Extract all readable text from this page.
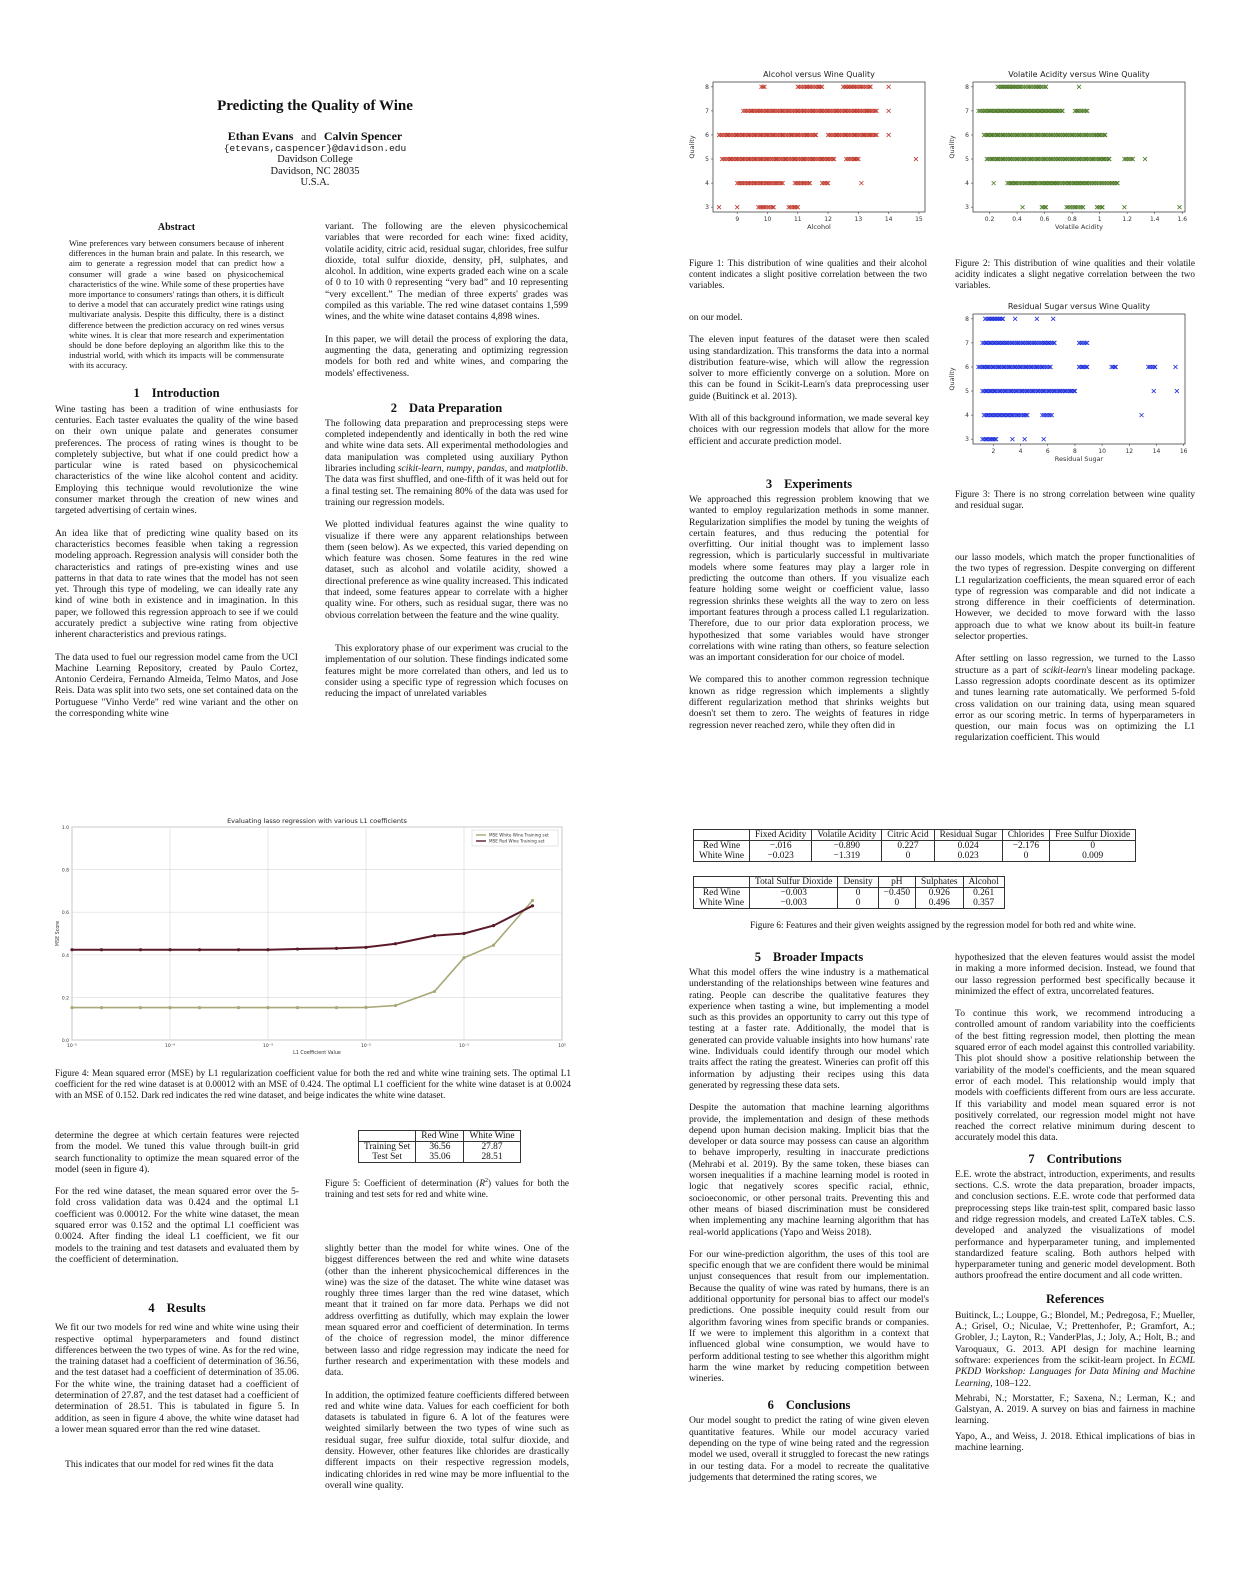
Predicting the Quality of Wine
Ethan Evans and Calvin Spencer
{etevans,caspencer}@davidson.edu
Davidson College
Davidson, NC 28035
U.S.A.
Abstract

Wine preferences vary between consumers because of inherent differences in the human brain and palate. In this research, we aim to generate a regression model that can predict how a consumer will grade a wine based on physicochemical characteristics of the wine. While some of these properties have more importance to consumers' ratings than others, it is difficult to derive a model that can accurately predict wine ratings using multivariate analysis. Despite this difficulty, there is a distinct difference between the prediction accuracy on red wines versus white wines. It is clear that more research and experimentation should be done before deploying an algorithm like this to the industrial world, with which its impacts will be commensurate with its accuracy.

1 Introduction

Wine tasting has been a tradition of wine enthusiasts for centuries. Each taster evaluates the quality of the wine based on their own unique palate and generates consumer preferences. The process of rating wines is thought to be completely subjective, but what if one could predict how a particular wine is rated based on physicochemical characteristics of the wine like alcohol content and acidity. Employing this technique would revolutionize the wine consumer market through the creation of new wines and targeted advertising of certain wines.

An idea like that of predicting wine quality based on its characteristics becomes feasible when taking a regression modeling approach. Regression analysis will consider both the characteristics and ratings of pre-existing wines and use patterns in that data to rate wines that the model has not seen yet. Through this type of modeling, we can ideally rate any kind of wine both in existence and in imagination. In this paper, we followed this regression approach to see if we could accurately predict a subjective wine rating from objective inherent characteristics and previous ratings.

The data used to fuel our regression model came from the UCI Machine Learning Repository, created by Paulo Cortez, Antonio Cerdeira, Fernando Almeida, Telmo Matos, and Jose Reis. Data was split into two sets, one set contained data on the Portuguese "Vinho Verde" red wine variant and the other on the corresponding white wine

variant. The following are the eleven physicochemical variables that were recorded for each wine: fixed acidity, volatile acidity, citric acid, residual sugar, chlorides, free sulfur dioxide, total sulfur dioxide, density, pH, sulphates, and alcohol. In addition, wine experts graded each wine on a scale of 0 to 10 with 0 representing “very bad” and 10 representing “very excellent.” The median of three experts' grades was compiled as this variable. The red wine dataset contains 1,599 wines, and the white wine dataset contains 4,898 wines.

In this paper, we will detail the process of exploring the data, augmenting the data, generating and optimizing regression models for both red and white wines, and comparing the models' effectiveness.

2 Data Preparation

The following data preparation and preprocessing steps were completed independently and identically in both the red wine and white wine data sets. All experimental methodologies and data manipulation was completed using auxiliary Python libraries including scikit-learn, numpy, pandas, and matplotlib. The data was first shuffled, and one-fifth of it was held out for a final testing set. The remaining 80% of the data was used for training our regression models.

We plotted individual features against the wine quality to visualize if there were any apparent relationships between them (seen below). As we expected, this varied depending on which feature was chosen. Some features in the red wine dataset, such as alcohol and volatile acidity, showed a directional preference as wine quality increased. This indicated that indeed, some features appear to correlate with a higher quality wine. For others, such as residual sugar, there was no obvious correlation between the feature and the wine quality.

This exploratory phase of our experiment was crucial to the implementation of our solution. These findings indicated some features might be more correlated than others, and led us to consider using a specific type of regression which focuses on reducing the impact of unrelated variables

Alcohol versus Wine Quality
9	10	11	12	13	14	15
3
4
5
6
7
8
Alcohol
Quality

Figure 1: This distribution of wine qualities and their alcohol content indicates a slight positive correlation between the two variables.

Volatile Acidity versus Wine Quality
0.2	0.4	0.6	0.8	1	1.2	1.4	1.6
3
4
5
6
7
8
Volatile Acidity
Quality

Figure 2: This distribution of wine qualities and their volatile acidity indicates a slight negative correlation between the two variables.

on our model.

The eleven input features of the dataset were then scaled using standardization. This transforms the data into a normal distribution feature-wise, which will allow the regression solver to more efficiently converge on a solution. More on this can be found in Scikit-Learn's data preprocessing user guide (Buitinck et al. 2013).

With all of this background information, we made several key choices with our regression models that allow for the more efficient and accurate prediction model.

3 Experiments

We approached this regression problem knowing that we wanted to employ regularization methods in some manner. Regularization simplifies the model by tuning the weights of certain features, and thus reducing the potential for overfitting. Our initial thought was to implement lasso regression, which is particularly successful in multivariate models where some features may play a larger role in predicting the outcome than others. If you visualize each feature holding some weight or coefficient value, lasso regression shrinks these weights all the way to zero on less important features through a process called L1 regularization. Therefore, due to our prior data exploration process, we hypothesized that some variables would have stronger correlations with wine rating than others, so feature selection was an important consideration for our choice of model.

We compared this to another common regression technique known as ridge regression which implements a slightly different regularization method that shrinks weights but doesn't set them to zero. The weights of features in ridge regression never reached zero, while they often did in

Residual Sugar versus Wine Quality
2	4	6	8	10	12	14	16
3
4
5
6
7
8
Residual Sugar
Quality

Figure 3: There is no strong correlation between wine quality and residual sugar.

our lasso models, which match the proper functionalities of the two types of regression. Despite converging on different L1 regularization coefficients, the mean squared error of each type of regression was comparable and did not indicate a strong difference in their coefficients of determination. However, we decided to move forward with the lasso approach due to what we know about its built-in feature selector properties.

After settling on lasso regression, we turned to the Lasso structure as a part of scikit-learn's linear modeling package. Lasso regression adopts coordinate descent as its optimizer and tunes learning rate automatically. We performed 5-fold cross validation on our training data, using mean squared error as our scoring metric. In terms of hyperparameters in question, our main focus was on optimizing the L1 regularization coefficient. This would

Evaluating lasso regression with various L1 coefficients
0.0
0.2
0.4
0.6
0.8
1.0
10⁻⁵	10⁻⁴	10⁻³	10⁻²	10⁻¹	10⁰
L1 Coefficient Value
MSE Score
MSE White Wine Training set
MSE Red Wine Training set

Figure 4: Mean squared error (MSE) by L1 regularization coefficient value for both the red and white wine training sets. The optimal L1 coefficient for the red wine dataset is at 0.00012 with an MSE of 0.424. The optimal L1 coefficient for the white wine dataset is at 0.0024 with an MSE of 0.152. Dark red indicates the red wine dataset, and beige indicates the white wine dataset.

determine the degree at which certain features were rejected from the model. We tuned this value through built-in grid search functionality to optimize the mean squared error of the model (seen in figure 4).

For the red wine dataset, the mean squared error over the 5-fold cross validation data was 0.424 and the optimal L1 coefficient was 0.00012. For the white wine dataset, the mean squared error was 0.152 and the optimal L1 coefficient was 0.0024. After finding the ideal L1 coefficient, we fit our models to the training and test datasets and evaluated them by the coefficient of determination.

4 Results

We fit our two models for red wine and white wine using their respective optimal hyperparameters and found distinct differences between the two types of wine. As for the red wine, the training dataset had a coefficient of determination of 36.56, and the test dataset had a coefficient of determination of 35.06. For the white wine, the training dataset had a coefficient of determination of 27.87, and the test dataset had a coefficient of determination of 28.51. This is tabulated in figure 5. In addition, as seen in figure 4 above, the white wine dataset had a lower mean squared error than the red wine dataset.

This indicates that our model for red wines fit the data

	Red Wine	White Wine
Training Set	36.56	27.87
Test Set	35.06	28.51

Figure 5: Coefficient of determination $(R^2)$ values for both the training and test sets for red and white wine.

slightly better than the model for white wines. One of the biggest differences between the red and white wine datasets (other than the inherent physicochemical differences in the wine) was the size of the dataset. The white wine dataset was roughly three times larger than the red wine dataset, which meant that it trained on far more data. Perhaps we did not address overfitting as dutifully, which may explain the lower mean squared error and coefficient of determination. In terms of the choice of regression model, the minor difference between lasso and ridge regression may indicate the need for further research and experimentation with these models and data.

In addition, the optimized feature coefficients differed between red and white wine data. Values for each coefficient for both datasets is tabulated in figure 6. A lot of the features were weighted similarly between the two types of wine such as residual sugar, free sulfur dioxide, total sulfur dioxide, and density. However, other features like chlorides are drastically different impacts on their respective regression models, indicating chlorides in red wine may be more influential to the overall wine quality.

	Fixed Acidity	Volatile Acidity	Citric Acid	Residual Sugar	Chlorides	Free Sulfur Dioxide
Red Wine	−.016	−0.890	0.227	0.024	−2.176	0
White Wine	−0.023	−1.319	0	0.023	0	0.009
	Total Sulfur Dioxide	Density	pH	Sulphates	Alcohol
Red Wine	−0.003	0	−0.450	0.926	0.261
White Wine	−0.003	0	0	0.496	0.357

Figure 6: Features and their given weights assigned by the regression model for both red and white wine.

5 Broader Impacts

What this model offers the wine industry is a mathematical understanding of the relationships between wine features and rating. People can describe the qualitative features they experience when tasting a wine, but implementing a model such as this provides an opportunity to carry out this type of testing at a faster rate. Additionally, the model that is generated can provide valuable insights into how humans' rate wine. Individuals could identify through our model which traits affect the rating the greatest. Wineries can profit off this information by adjusting their recipes using this data generated by regressing these data sets.

Despite the automation that machine learning algorithms provide, the implementation and design of these methods depend upon human decision making. Implicit bias that the developer or data source may possess can cause an algorithm to behave improperly, resulting in inaccurate predictions (Mehrabi et al. 2019). By the same token, these biases can worsen inequalities if a machine learning model is rooted in logic that negatively scores specific racial, ethnic, socioeconomic, or other personal traits. Preventing this and other means of biased discrimination must be considered when implementing any machine learning algorithm that has real-world applications (Yapo and Weiss 2018).

For our wine-prediction algorithm, the uses of this tool are specific enough that we are confident there would be minimal unjust consequences that result from our implementation. Because the quality of wine was rated by humans, there is an additional opportunity for personal bias to affect our model's predictions. One possible inequity could result from our algorithm favoring wines from specific brands or companies. If we were to implement this algorithm in a context that influenced global wine consumption, we would have to perform additional testing to see whether this algorithm might harm the wine market by reducing competition between wineries.

6 Conclusions

Our model sought to predict the rating of wine given eleven quantitative features. While our model accuracy varied depending on the type of wine being rated and the regression model we used, overall it struggled to forecast the new ratings in our testing data. For a model to recreate the qualitative judgements that determined the rating scores, we

hypothesized that the eleven features would assist the model in making a more informed decision. Instead, we found that our lasso regression performed best specifically because it minimized the effect of extra, uncorrelated features.

To continue this work, we recommend introducing a controlled amount of random variability into the coefficients of the best fitting regression model, then plotting the mean squared error of each model against this controlled variability. This plot should show a positive relationship between the variability of the model's coefficients, and the mean squared error of each model. This relationship would imply that models with coefficients different from ours are less accurate. If this variability and model mean squared error is not positively correlated, our regression model might not have reached the correct relative minimum during descent to accurately model this data.

7 Contributions

E.E. wrote the abstract, introduction, experiments, and results sections. C.S. wrote the data preparation, broader impacts, and conclusion sections. E.E. wrote code that performed data preprocessing steps like train-test split, compared basic lasso and ridge regression models, and created LaTeX tables. C.S. developed and analyzed the visualizations of model performance and hyperparameter tuning, and implemented standardized feature scaling. Both authors helped with hyperparameter tuning and generic model development. Both authors proofread the entire document and all code written.

References

Buitinck, L.; Louppe, G.; Blondel, M.; Pedregosa, F.; Mueller, A.; Grisel, O.; Niculae, V.; Prettenhofer, P.; Gramfort, A.; Grobler, J.; Layton, R.; VanderPlas, J.; Joly, A.; Holt, B.; and Varoquaux, G. 2013. API design for machine learning software: experiences from the scikit-learn project. In ECML PKDD Workshop: Languages for Data Mining and Machine Learning, 108–122.

Mehrabi, N.; Morstatter, F.; Saxena, N.; Lerman, K.; and Galstyan, A. 2019. A survey on bias and fairness in machine learning.

Yapo, A., and Weiss, J. 2018. Ethical implications of bias in machine learning.
